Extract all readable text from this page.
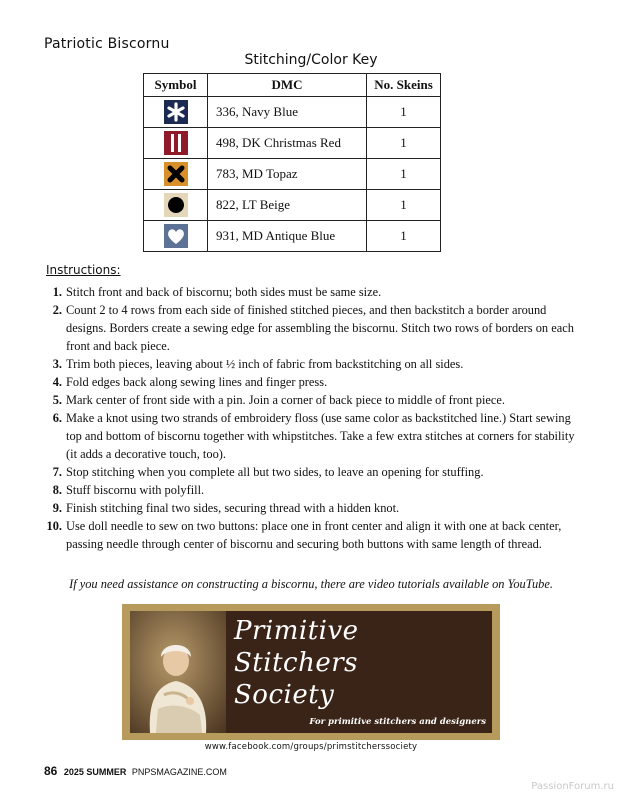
Patriotic Biscornu
Stitching/Color Key
Symbol	DMC	No. Skeins

	336, Navy Blue	1

	498, DK Christmas Red	1

	783, MD Topaz	1

	822, LT Beige	1

	931, MD Antique Blue	1
Instructions:
1. Stitch front and back of biscornu; both sides must be same size.
2. Count 2 to 4 rows from each side of finished stitched pieces, and then backstitch a border around designs. Borders create a sewing edge for assembling the biscornu. Stitch two rows of borders on each front and back piece.
3. Trim both pieces, leaving about ½ inch of fabric from backstitching on all sides.
4. Fold edges back along sewing lines and finger press.
5. Mark center of front side with a pin. Join a corner of back piece to middle of front piece.
6. Make a knot using two strands of embroidery floss (use same color as backstitched line.) Start sewing top and bottom of biscornu together with whipstitches. Take a few extra stitches at corners for stability (it adds a decorative touch, too).
7. Stop stitching when you complete all but two sides, to leave an opening for stuffing.
8. Stuff biscornu with polyfill.
9. Finish stitching final two sides, securing thread with a hidden knot.
10. Use doll needle to sew on two buttons: place one in front center and align it with one at back center, passing needle through center of biscornu and securing both buttons with same length of thread.
If you need assistance on constructing a biscornu, there are video tutorials available on YouTube.
Primitive
Stitchers
Society
For primitive stitchers and designers
www.facebook.com/groups/primstitcherssociety
86 2025 SUMMER PNPSMAGAZINE.COM
PassionForum.ru
